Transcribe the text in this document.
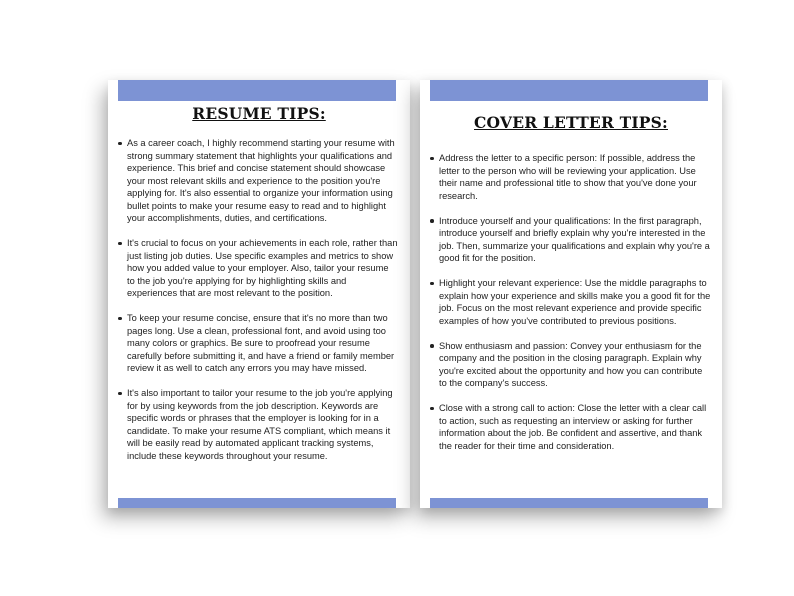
RESUME TIPS:
As a career coach, I highly recommend starting your resume with
strong summary statement that highlights your qualifications and
experience. This brief and concise statement should showcase
your most relevant skills and experience to the position you're
applying for. It's also essential to organize your information using
bullet points to make your resume easy to read and to highlight
your accomplishments, duties, and certifications.
It's crucial to focus on your achievements in each role, rather than
just listing job duties. Use specific examples and metrics to show
how you added value to your employer. Also, tailor your resume
to the job you're applying for by highlighting skills and
experiences that are most relevant to the position.
To keep your resume concise, ensure that it's no more than two
pages long. Use a clean, professional font, and avoid using too
many colors or graphics. Be sure to proofread your resume
carefully before submitting it, and have a friend or family member
review it as well to catch any errors you may have missed.
It's also important to tailor your resume to the job you're applying
for by using keywords from the job description. Keywords are
specific words or phrases that the employer is looking for in a
candidate. To make your resume ATS compliant, which means it
will be easily read by automated applicant tracking systems,
include these keywords throughout your resume.
COVER LETTER TIPS:
Address the letter to a specific person: If possible, address the
letter to the person who will be reviewing your application. Use
their name and professional title to show that you've done your
research.
Introduce yourself and your qualifications: In the first paragraph,
introduce yourself and briefly explain why you're interested in the
job. Then, summarize your qualifications and explain why you're a
good fit for the position.
Highlight your relevant experience: Use the middle paragraphs to
explain how your experience and skills make you a good fit for the
job. Focus on the most relevant experience and provide specific
examples of how you've contributed to previous positions.
Show enthusiasm and passion: Convey your enthusiasm for the
company and the position in the closing paragraph. Explain why
you're excited about the opportunity and how you can contribute
to the company's success.
Close with a strong call to action: Close the letter with a clear call
to action, such as requesting an interview or asking for further
information about the job. Be confident and assertive, and thank
the reader for their time and consideration.
